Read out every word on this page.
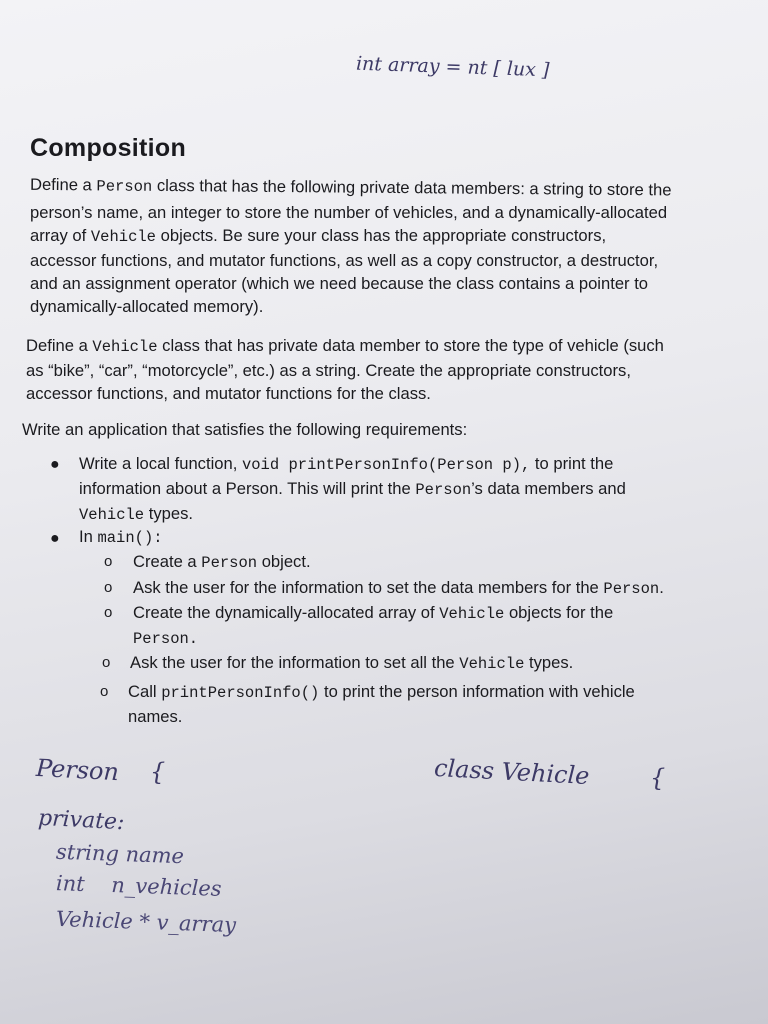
int array = nt [ lux ]
Composition
Define a Person class that has the following private data members: a string to store the
person’s name, an integer to store the number of vehicles, and a dynamically-allocated
array of Vehicle objects. Be sure your class has the appropriate constructors,
accessor functions, and mutator functions, as well as a copy constructor, a destructor,
and an assignment operator (which we need because the class contains a pointer to
dynamically-allocated memory).
Define a Vehicle class that has private data member to store the type of vehicle (such
as “bike”, “car”, “motorcycle”, etc.) as a string. Create the appropriate constructors,
accessor functions, and mutator functions for the class.
Write an application that satisfies the following requirements:
● Write a local function, void printPersonInfo(Person p), to print the
information about a Person. This will print the Person’s data members and
Vehicle types.
● In main():
o Create a Person object.
o Ask the user for the information to set the data members for the Person.
o Create the dynamically-allocated array of Vehicle objects for the
Person.
o Ask the user for the information to set all the Vehicle types.
o Call printPersonInfo() to print the person information with vehicle
names.
Person {	class Vehicle {
private:
string name
int    n_vehicles
Vehicle * v_array
